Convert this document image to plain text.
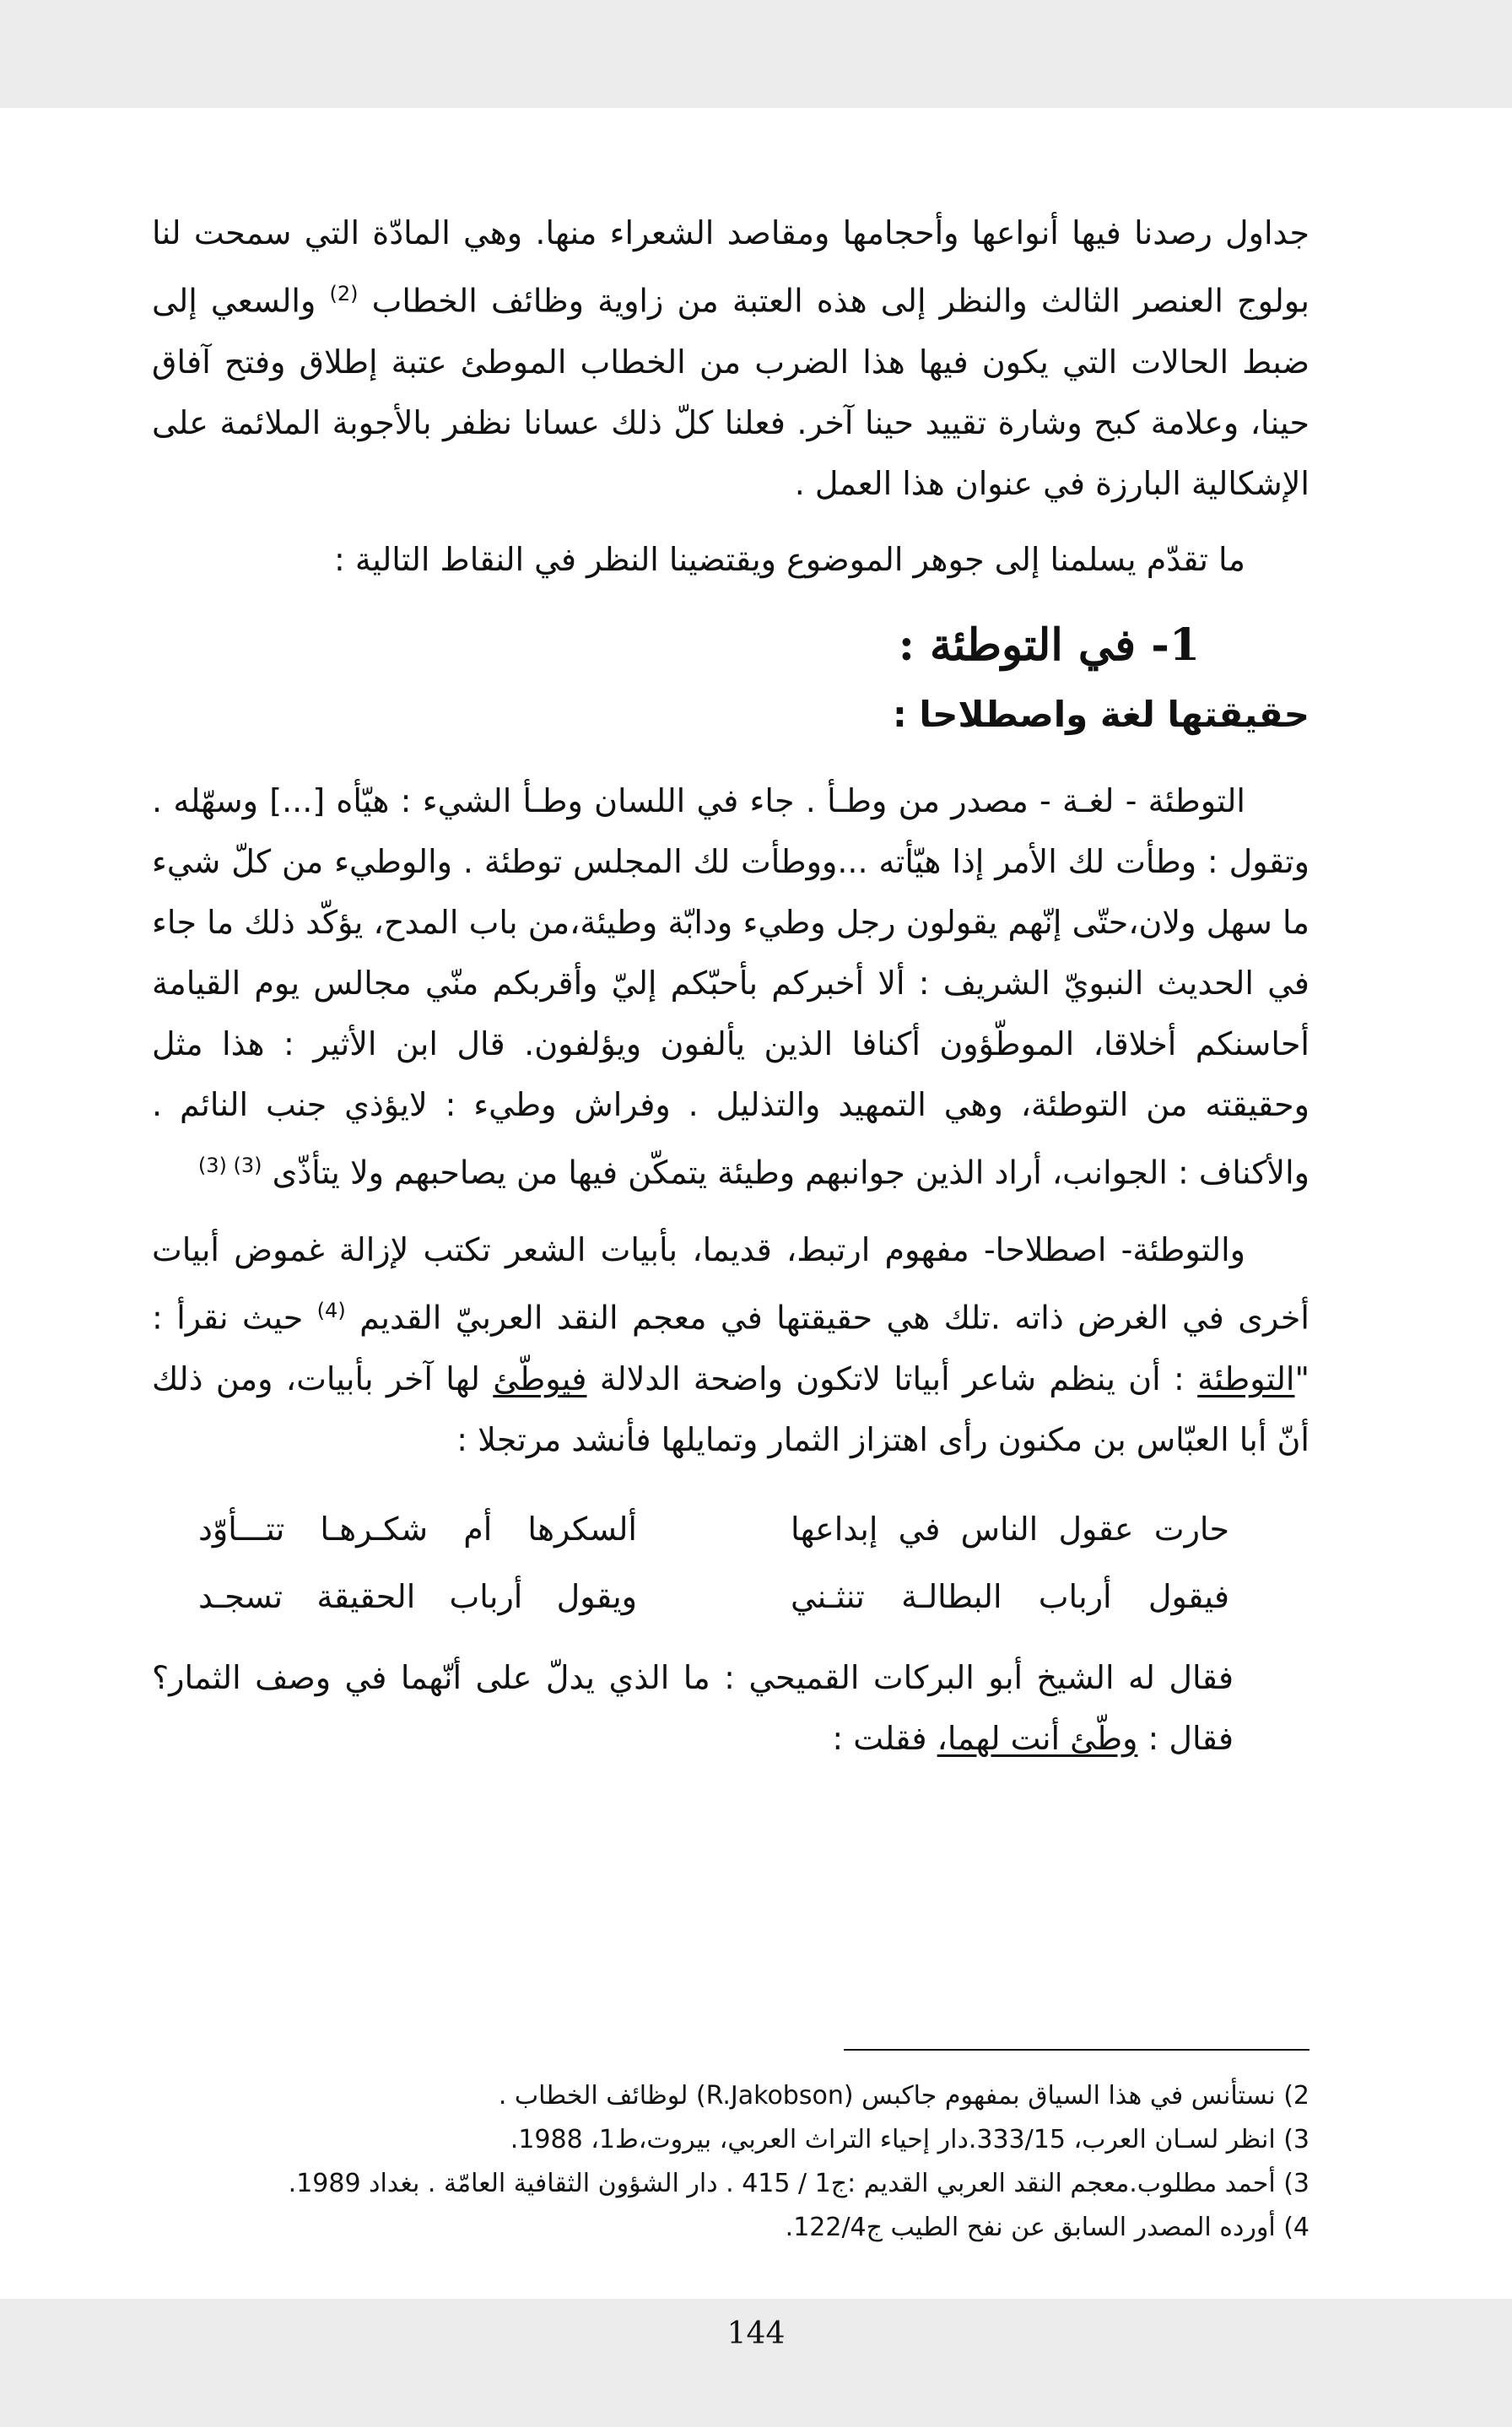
جداول رصدنا فيها أنواعها وأحجامها ومقاصد الشعراء منها. وهي المادّة التي سمحت لنا بولوج العنصر الثالث والنظر إلى هذه العتبة من زاوية وظائف الخطاب $^{(2)}$ والسعي إلى ضبط الحالات التي يكون فيها هذا الضرب من الخطاب الموطئ عتبة إطلاق وفتح آفاق حينا، وعلامة كبح وشارة تقييد حينا آخر. فعلنا كلّ ذلك عسانا نظفر بالأجوبة الملائمة على الإشكالية البارزة في عنوان هذا العمل .

ما تقدّم يسلمنا إلى جوهر الموضوع ويقتضينا النظر في النقاط التالية :

1- في التوطئة :
حقيقتها لغة واصطلاحا :

التوطئة - لغـة - مصدر من وطـأ . جاء في اللسان وطـأ الشيء : هيّأه [...] وسهّله . وتقول : وطأت لك الأمر إذا هيّأته ...ووطأت لك المجلس توطئة . والوطيء من كلّ شيء ما سهل ولان،حتّى إنّهم يقولون رجل وطيء ودابّة وطيئة،من باب المدح، يؤكّد ذلك ما جاء في الحديث النبويّ الشريف : ألا أخبركم بأحبّكم إليّ وأقربكم منّي مجالس يوم القيامة أحاسنكم أخلاقا، الموطّؤون أكنافا الذين يألفون ويؤلفون. قال ابن الأثير : هذا مثل وحقيقته من التوطئة، وهي التمهيد والتذليل . وفراش وطيء : لايؤذي جنب النائم . والأكناف : الجوانب، أراد الذين جوانبهم وطيئة يتمكّن فيها من يصاحبهم ولا يتأذّى $^{(3) (3)}$

والتوطئة- اصطلاحا- مفهوم ارتبط، قديما، بأبيات الشعر تكتب لإزالة غموض أبيات أخرى في الغرض ذاته .تلك هي حقيقتها في معجم النقد العربيّ القديم $^{(4)}$ حيث نقرأ : "التوطئة : أن ينظم شاعر أبياتا لاتكون واضحة الدلالة فيوطّئ لها آخر بأبيات، ومن ذلك أنّ أبا العبّاس بن مكنون رأى اهتزاز الثمار وتمايلها فأنشد مرتجلا :

حارت عقول الناس في إبداعها
ألسكرها أم شكـرهـا تتـــأوّد
فيقول أرباب البطالـة تنثـني
ويقول أرباب الحقيقة تسجـد

فقال له الشيخ أبو البركات القميحي : ما الذي يدلّ على أنّهما في وصف الثمار؟ فقال : وطّئ أنت لهما، فقلت :

2) نستأنس في هذا السياق بمفهوم جاكبس (R.Jakobson) لوظائف الخطاب .

3) انظر لسـان العرب، 333/15.دار إحياء التراث العربي، بيروت،ط1، 1988.

3) أحمد مطلوب.معجم النقد العربي القديم :ج1 / 415 . دار الشؤون الثقافية العامّة . بغداد 1989.

4) أورده المصدر السابق عن نفح الطيب ج122/4.

144
